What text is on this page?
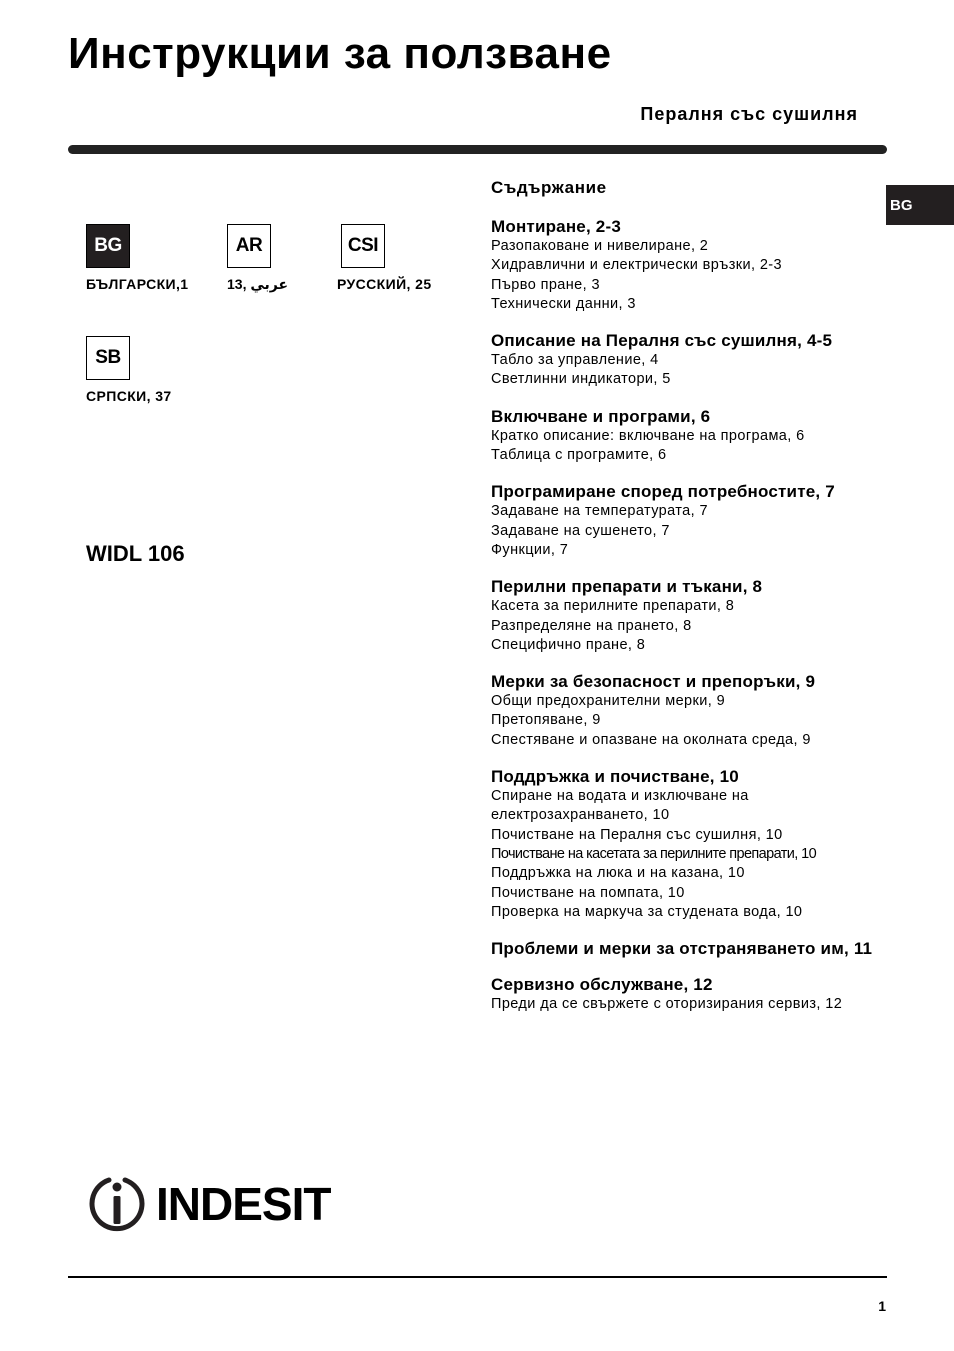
Инструкции за ползване
Пералня със сушилня
BG
BG
БЪЛГАРСКИ,1
AR
عربي ,13
CSI
РУССКИЙ, 25
SB
СРПСКИ, 37
WIDL 106
Съдържание
Монтиране, 2-3
Разопаковане и нивелиране, 2
Хидравлични и електрически връзки, 2-3
Първо пране, 3
Технически данни, 3
Описание на Пералня със сушилня, 4-5
Табло за управление, 4
Светлинни индикатори, 5
Включване и програми, 6
Кратко описание: включване на програма, 6
Таблица с програмите, 6
Програмиране според потребностите, 7
Задаване на температурата, 7
Задаване на сушенето, 7
Функции, 7
Перилни препарати и тъкани, 8
Касета за перилните препарати, 8
Разпределяне на прането, 8
Специфично пране, 8
Мерки за безопасност и препоръки, 9
Общи предохранителни мерки, 9
Претопяване, 9
Спестяване и опазване на околната среда, 9
Поддръжка и почистване, 10
Спиране на водата и изключване на
електрозахранването, 10
Почистване на Пералня със сушилня, 10
Почистване на касетата за перилните препарати, 10
Поддръжка на люка и на казана, 10
Почистване на помпата, 10
Проверка на маркуча за студената вода, 10
Проблеми и мерки за отстраняването им, 11
Сервизно обслужване, 12
Преди да се свържете с оторизирания сервиз, 12
INDESIT
1
